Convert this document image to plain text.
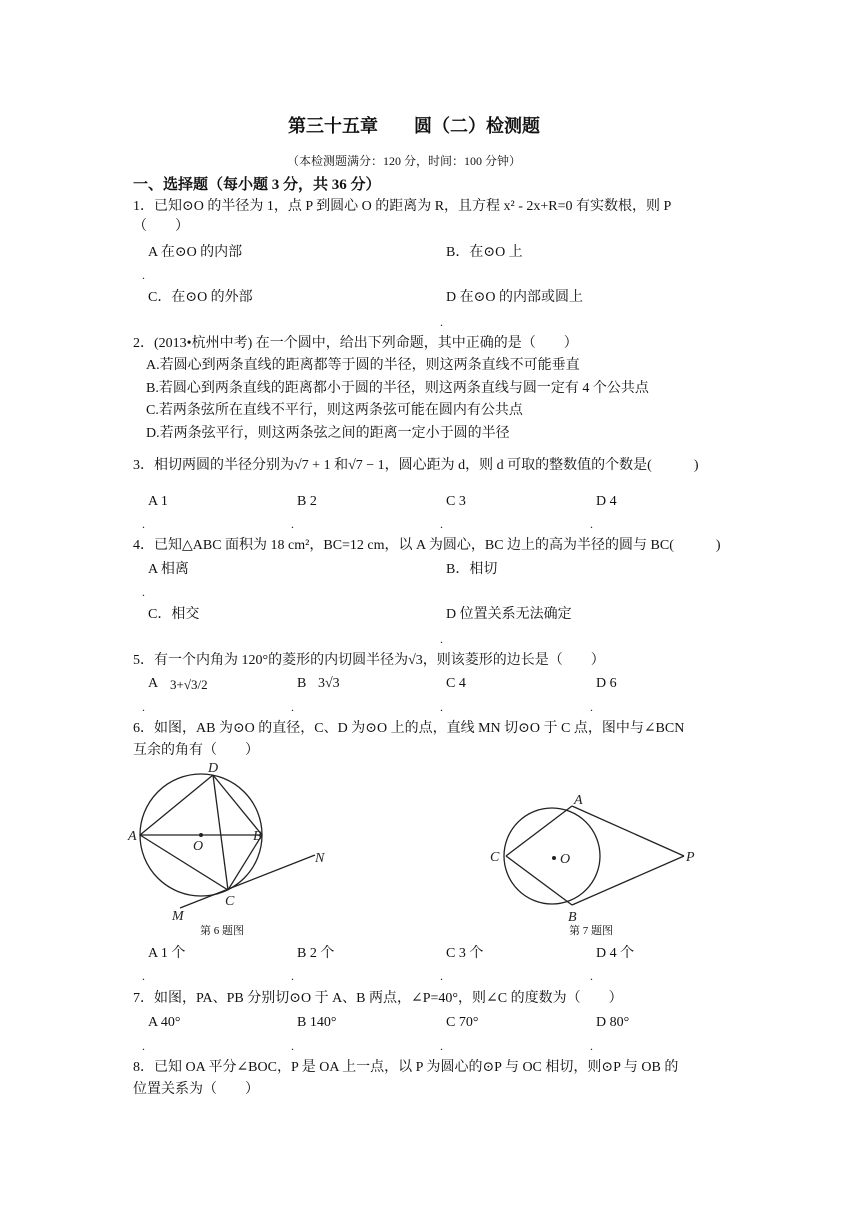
第三十五章　　圆（二）检测题
（本检测题满分：120 分，时间：100 分钟）
一、选择题（每小题 3 分，共 36 分）
1．已知⊙O 的半径为 1，点 P 到圆心 O 的距离为 R，且方程 x² - 2x+R=0 有实数根，则 P
（　　）
A 在⊙O 的内部	B．在⊙O 上
.
C．在⊙O 的外部	D 在⊙O 的内部或圆上
.
2．(2013•杭州中考) 在一个圆中，给出下列命题，其中正确的是（　　）
A.若圆心到两条直线的距离都等于圆的半径，则这两条直线不可能垂直
B.若圆心到两条直线的距离都小于圆的半径，则这两条直线与圆一定有 4 个公共点
C.若两条弦所在直线不平行，则这两条弦可能在圆内有公共点
D.若两条弦平行，则这两条弦之间的距离一定小于圆的半径
3．相切两圆的半径分别为√7 + 1 和√7 − 1，圆心距为 d，则 d 可取的整数值的个数是(　　　)
A 1	B 2	C 3	D 4
.	.	.	.
4．已知△ABC 面积为 18 cm²，BC=12 cm，以 A 为圆心，BC 边上的高为半径的圆与 BC(　　　)
A 相离	B．相切
.
C．相交	D 位置关系无法确定
.
5．有一个内角为 120°的菱形的内切圆半径为√3，则该菱形的边长是（　　）
A 3+√3/2	B 3√3	C 4	D 6
.	.	.	.
6．如图，AB 为⊙O 的直径，C、D 为⊙O 上的点，直线 MN 切⊙O 于 C 点，图中与∠BCN
互余的角有（　　）
A	B
D
O
C
M
N
第 6 题图
A
B
C	O	P
第 7 题图
A 1 个	B 2 个	C 3 个	D 4 个
.	.	.	.
7．如图，PA、PB 分别切⊙O 于 A、B 两点，∠P=40°，则∠C 的度数为（　　）
A 40°	B 140°	C 70°	D 80°
.	.	.	.
8．已知 OA 平分∠BOC，P 是 OA 上一点，以 P 为圆心的⊙P 与 OC 相切，则⊙P 与 OB 的
位置关系为（　　）
